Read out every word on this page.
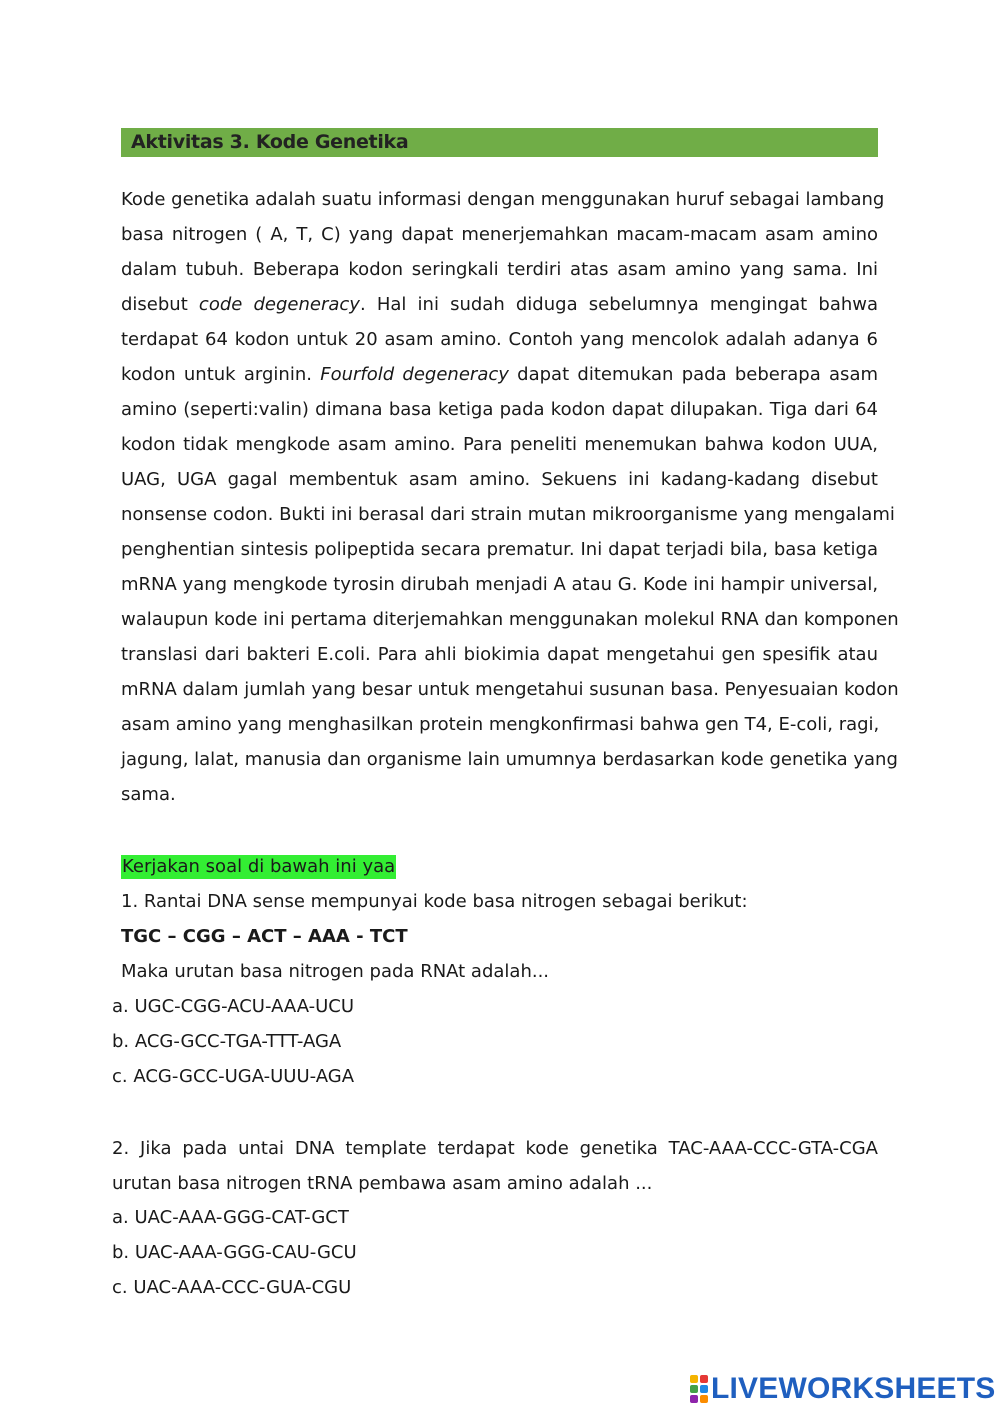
Aktivitas 3. Kode Genetika
Kode genetika adalah suatu informasi dengan menggunakan huruf sebagai lambang
basa nitrogen ( A, T, C) yang dapat menerjemahkan macam-macam asam amino
dalam tubuh. Beberapa kodon seringkali terdiri atas asam amino yang sama. Ini
disebut code degeneracy. Hal ini sudah diduga sebelumnya mengingat bahwa
terdapat 64 kodon untuk 20 asam amino. Contoh yang mencolok adalah adanya 6
kodon untuk arginin. Fourfold degeneracy dapat ditemukan pada beberapa asam
amino (seperti:valin) dimana basa ketiga pada kodon dapat dilupakan. Tiga dari 64
kodon tidak mengkode asam amino. Para peneliti menemukan bahwa kodon UUA,
UAG, UGA gagal membentuk asam amino. Sekuens ini kadang-kadang disebut
nonsense codon. Bukti ini berasal dari strain mutan mikroorganisme yang mengalami
penghentian sintesis polipeptida secara prematur. Ini dapat terjadi bila, basa ketiga
mRNA yang mengkode tyrosin dirubah menjadi A atau G. Kode ini hampir universal,
walaupun kode ini pertama diterjemahkan menggunakan molekul RNA dan komponen
translasi dari bakteri E.coli. Para ahli biokimia dapat mengetahui gen spesifik atau
mRNA dalam jumlah yang besar untuk mengetahui susunan basa. Penyesuaian kodon
asam amino yang menghasilkan protein mengkonfirmasi bahwa gen T4, E-coli, ragi,
jagung, lalat, manusia dan organisme lain umumnya berdasarkan kode genetika yang
sama.
Kerjakan soal di bawah ini yaa
1. Rantai DNA sense mempunyai kode basa nitrogen sebagai berikut:
TGC – CGG – ACT – AAA - TCT
Maka urutan basa nitrogen pada RNAt adalah...
a. UGC-CGG-ACU-AAA-UCU
b. ACG-GCC-TGA-TTT-AGA
c. ACG-GCC-UGA-UUU-AGA
2. Jika pada untai DNA template terdapat kode genetika TAC-AAA-CCC-GTA-CGA
urutan basa nitrogen tRNA pembawa asam amino adalah ...
a. UAC-AAA-GGG-CAT-GCT
b. UAC-AAA-GGG-CAU-GCU
c. UAC-AAA-CCC-GUA-CGU
LIVEWORKSHEETS
